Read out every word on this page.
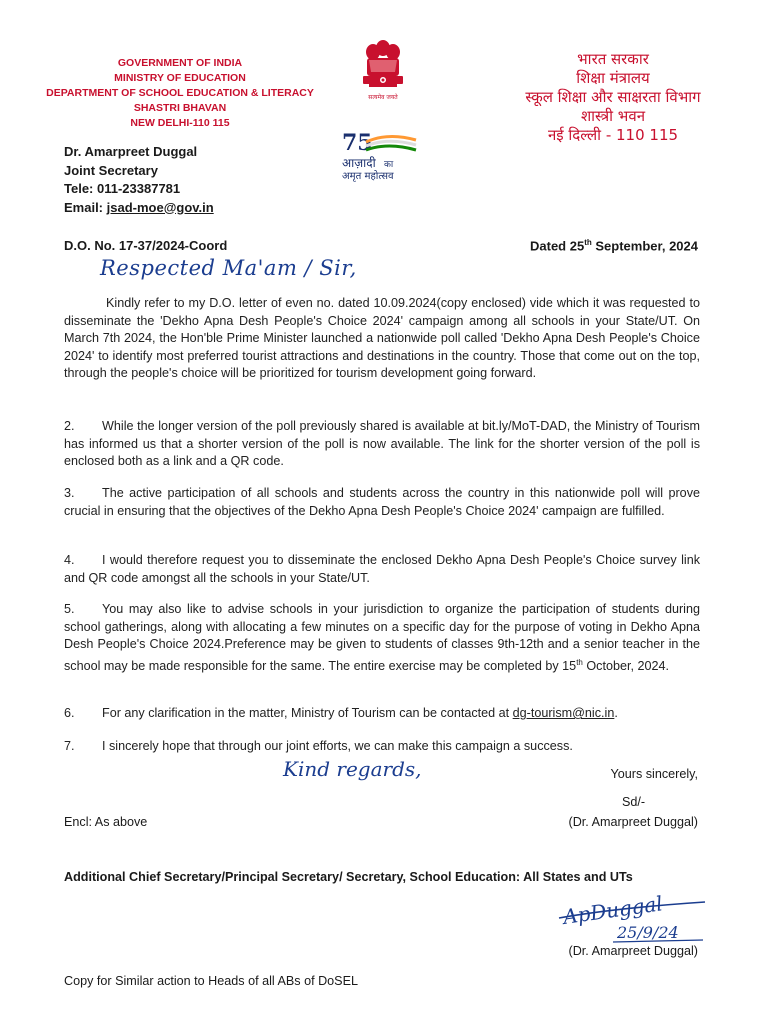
GOVERNMENT OF INDIA
MINISTRY OF EDUCATION
DEPARTMENT OF SCHOOL EDUCATION & LITERACY
SHASTRI BHAVAN
NEW DELHI-110 115
सत्यमेव जयते
75
आज़ादी का
अमृत महोत्सव
भारत सरकार
शिक्षा मंत्रालय
स्कूल शिक्षा और साक्षरता विभाग
शास्त्री भवन
नई दिल्ली - 110 115
Dr. Amarpreet Duggal
Joint Secretary
Tele: 011-23387781
Email: jsad-moe@gov.in
D.O. No. 17-37/2024-Coord	Dated 25th September, 2024
Respected Ma'am / Sir,
Kindly refer to my D.O. letter of even no. dated 10.09.2024(copy enclosed) vide which it was requested to disseminate the 'Dekho Apna Desh People's Choice 2024' campaign among all schools in your State/UT. On March 7th 2024, the Hon'ble Prime Minister launched a nationwide poll called 'Dekho Apna Desh People's Choice 2024' to identify most preferred tourist attractions and destinations in the country. Those that come out on the top, through the people's choice will be prioritized for tourism development going forward.
2. While the longer version of the poll previously shared is available at bit.ly/MoT-DAD, the Ministry of Tourism has informed us that a shorter version of the poll is now available. The link for the shorter version of the poll is enclosed both as a link and a QR code.
3. The active participation of all schools and students across the country in this nationwide poll will prove crucial in ensuring that the objectives of the Dekho Apna Desh People's Choice 2024' campaign are fulfilled.
4. I would therefore request you to disseminate the enclosed Dekho Apna Desh People's Choice survey link and QR code amongst all the schools in your State/UT.
5. You may also like to advise schools in your jurisdiction to organize the participation of students during school gatherings, along with allocating a few minutes on a specific day for the purpose of voting in Dekho Apna Desh People's Choice 2024.Preference may be given to students of classes 9th-12th and a senior teacher in the school may be made responsible for the same. The entire exercise may be completed by 15th October, 2024.
6. For any clarification in the matter, Ministry of Tourism can be contacted at dg-tourism@nic.in.
7. I sincerely hope that through our joint efforts, we can make this campaign a success.
Kind regards,	Yours sincerely,
Sd/-
Encl: As above	(Dr. Amarpreet Duggal)
Additional Chief Secretary/Principal Secretary/ Secretary, School Education: All States and UTs
ApDuggal
25/9/24
(Dr. Amarpreet Duggal)
Copy for Similar action to Heads of all ABs of DoSEL
